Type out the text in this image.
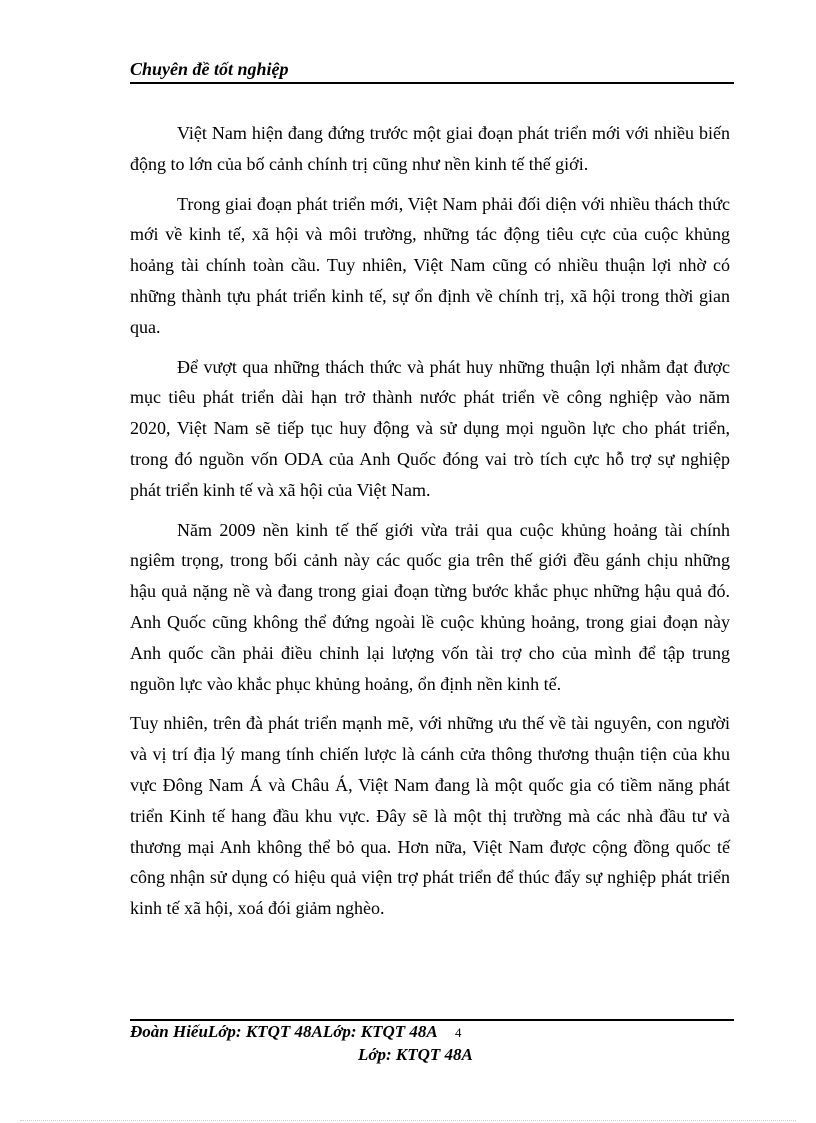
Chuyên đề tốt nghiệp

Việt Nam hiện đang đứng trước một giai đoạn phát triển mới với nhiều biến động to lớn của bố cảnh chính trị cũng như nền kinh tế thế giới.

Trong giai đoạn phát triển mới, Việt Nam phải đối diện với nhiều thách thức mới về kinh tế, xã hội và môi trường, những tác động tiêu cực của cuộc khủng hoảng tài chính toàn cầu. Tuy nhiên, Việt Nam cũng có nhiều thuận lợi nhờ có những thành tựu phát triển kinh tế, sự ổn định về chính trị, xã hội trong thời gian qua.

Để vượt qua những thách thức và phát huy những thuận lợi nhằm đạt được mục tiêu phát triển dài hạn trở thành nước phát triển về công nghiệp vào năm 2020, Việt Nam sẽ tiếp tục huy động và sử dụng mọi nguồn lực cho phát triển, trong đó nguồn vốn ODA của Anh Quốc đóng vai trò tích cực hỗ trợ sự nghiệp phát triển kinh tế và xã hội của Việt Nam.

Năm 2009 nền kinh tế thế giới vừa trải qua cuộc khủng hoảng tài chính ngiêm trọng, trong bối cảnh này các quốc gia trên thế giới đều gánh chịu những hậu quả nặng nề và đang trong giai đoạn từng bước khắc phục những hậu quả đó. Anh Quốc cũng không thể đứng ngoài lề cuộc khủng hoảng, trong giai đoạn này Anh quốc cần phải điều chỉnh lại lượng vốn tài trợ cho của mình để tập trung nguồn lực vào khắc phục khủng hoảng, ổn định nền kinh tế.

Tuy nhiên, trên đà phát triển mạnh mẽ, với những ưu thế về tài nguyên, con người và vị trí địa lý mang tính chiến lược là cánh cửa thông thương thuận tiện của khu vực Đông Nam Á và Châu Á, Việt Nam đang là một quốc gia có tiềm năng phát triển Kinh tế hang đầu khu vực. Đây sẽ là một thị trường mà các nhà đầu tư và thương mại Anh không thể bỏ qua. Hơn nữa, Việt Nam được cộng đồng quốc tế công nhận sử dụng có hiệu quả viện trợ phát triển để thúc đẩy sự nghiệp phát triển kinh tế xã hội, xoá đói giảm nghèo.

Đoàn HiếuLớp: KTQT 48ALớp: KTQT 48A 4
Lớp: KTQT 48A
